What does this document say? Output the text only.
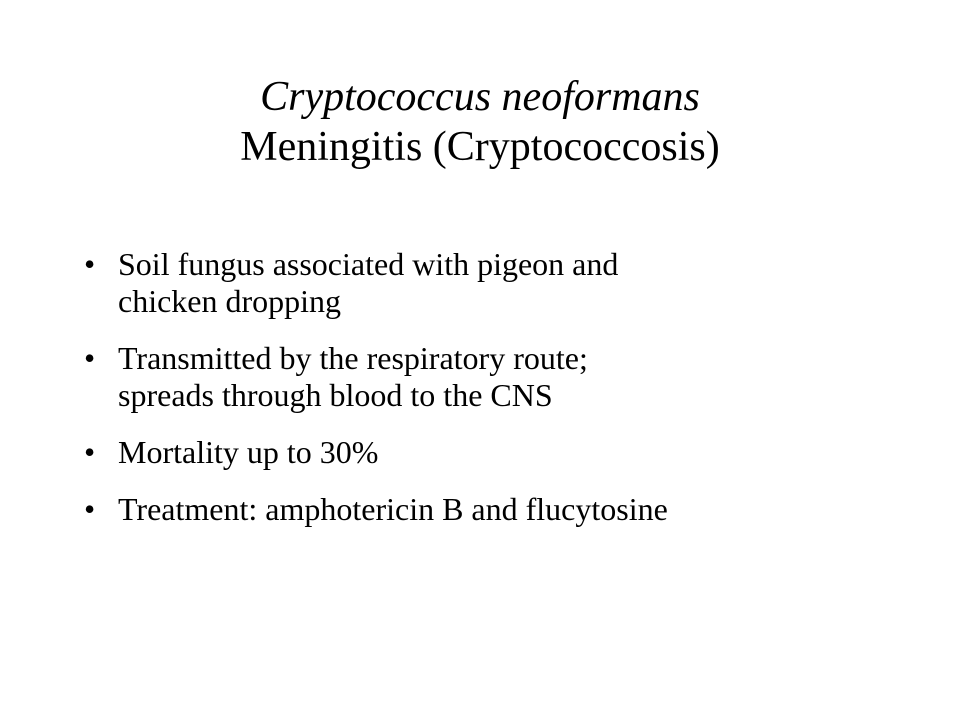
Cryptococcus neoformans
Meningitis (Cryptococcosis)
• Soil fungus associated with pigeon and
chicken dropping
• Transmitted by the respiratory route;
spreads through blood to the CNS
• Mortality up to 30%
• Treatment: amphotericin B and flucytosine
